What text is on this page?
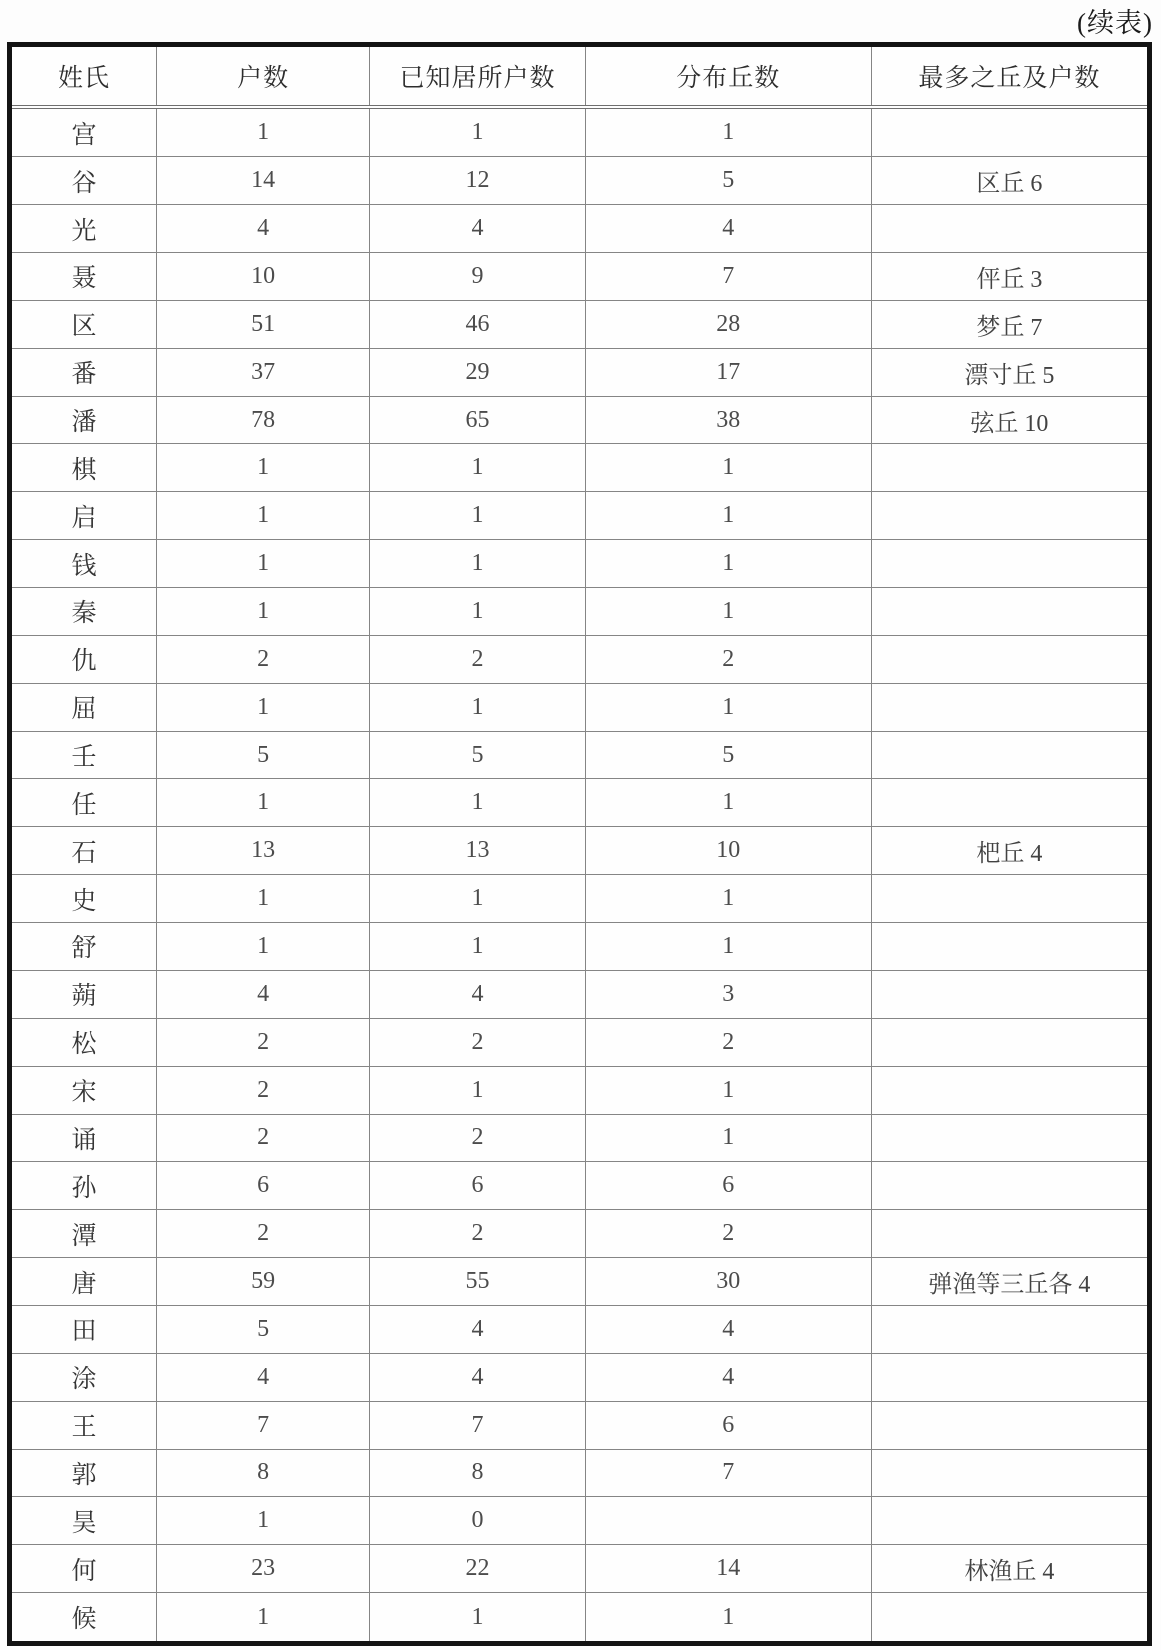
(续表)
姓氏	户数	已知居所户数	分布丘数	最多之丘及户数
宫	1	1	1	
谷	14	12	5	区丘 6
光	4	4	4	
聂	10	9	7	伻丘 3
区	51	46	28	梦丘 7
番	37	29	17	漂寸丘 5
潘	78	65	38	弦丘 10
棋	1	1	1	
启	1	1	1	
钱	1	1	1	
秦	1	1	1	
仇	2	2	2	
屈	1	1	1	
壬	5	5	5	
任	1	1	1	
石	13	13	10	杷丘 4
史	1	1	1	
舒	1	1	1	
蒴	4	4	3	
松	2	2	2	
宋	2	1	1	
诵	2	2	1	
孙	6	6	6	
潭	2	2	2	
唐	59	55	30	弹渔等三丘各 4
田	5	4	4	
涂	4	4	4	
王	7	7	6	
郭	8	8	7	
昊	1	0		
何	23	22	14	林渔丘 4
候	1	1	1	
